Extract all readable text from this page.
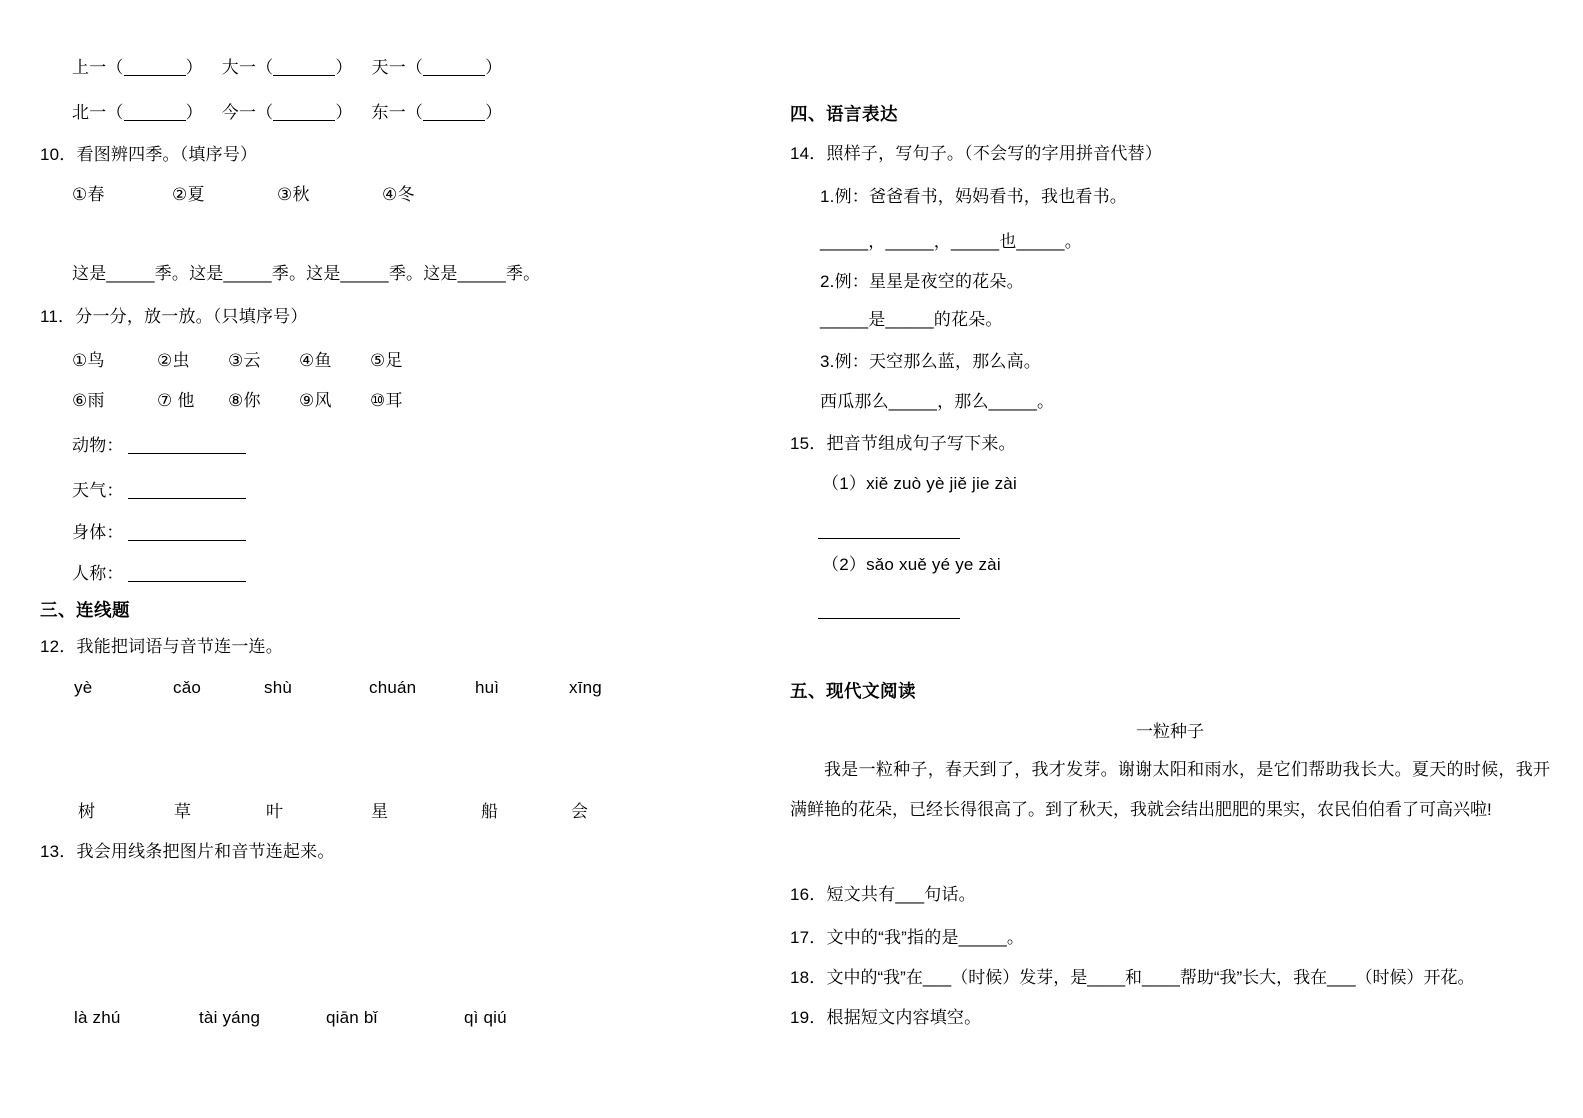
上一（	） 大一（	） 天一（	）
北一（	） 今一（	） 东一（	）
10．看图辨四季。（填序号）
①春	②夏	③秋	④冬
这是_____季。这是_____季。这是_____季。这是_____季。
11．分一分，放一放。（只填序号）
①鸟	②虫 ③云 ④鱼 ⑤足
⑥雨	⑦ 他 ⑧你 ⑨风 ⑩耳
动物：
天气：
身体：
人称：
三、连线题
12．我能把词语与音节连一连。
yè	cǎo	shù	chuán	huì	xīng
树	草	叶	星	船	会
13．我会用线条把图片和音节连起来。
là zhú	tài yáng	qiān bǐ	qì qiú
四、语言表达
14．照样子，写句子。（不会写的字用拼音代替）
1.例：爸爸看书，妈妈看书，我也看书。
_____，_____，_____也_____。
2.例：星星是夜空的花朵。
_____是_____的花朵。
3.例：天空那么蓝，那么高。
西瓜那么_____，那么_____。
15．把音节组成句子写下来。
（1）xiě zuò yè jiě jie zài
（2）sǎo xuě yé ye zài
五、现代文阅读
一粒种子
我是一粒种子，春天到了，我才发芽。谢谢太阳和雨水，是它们帮助我长大。夏天的时候，我开满鲜艳的花朵，已经长得很高了。到了秋天，我就会结出肥肥的果实，农民伯伯看了可高兴啦!
16．短文共有___句话。
17．文中的“我”指的是_____。
18．文中的“我”在___（时候）发芽，是____和____帮助“我”长大，我在___（时候）开花。
19．根据短文内容填空。
